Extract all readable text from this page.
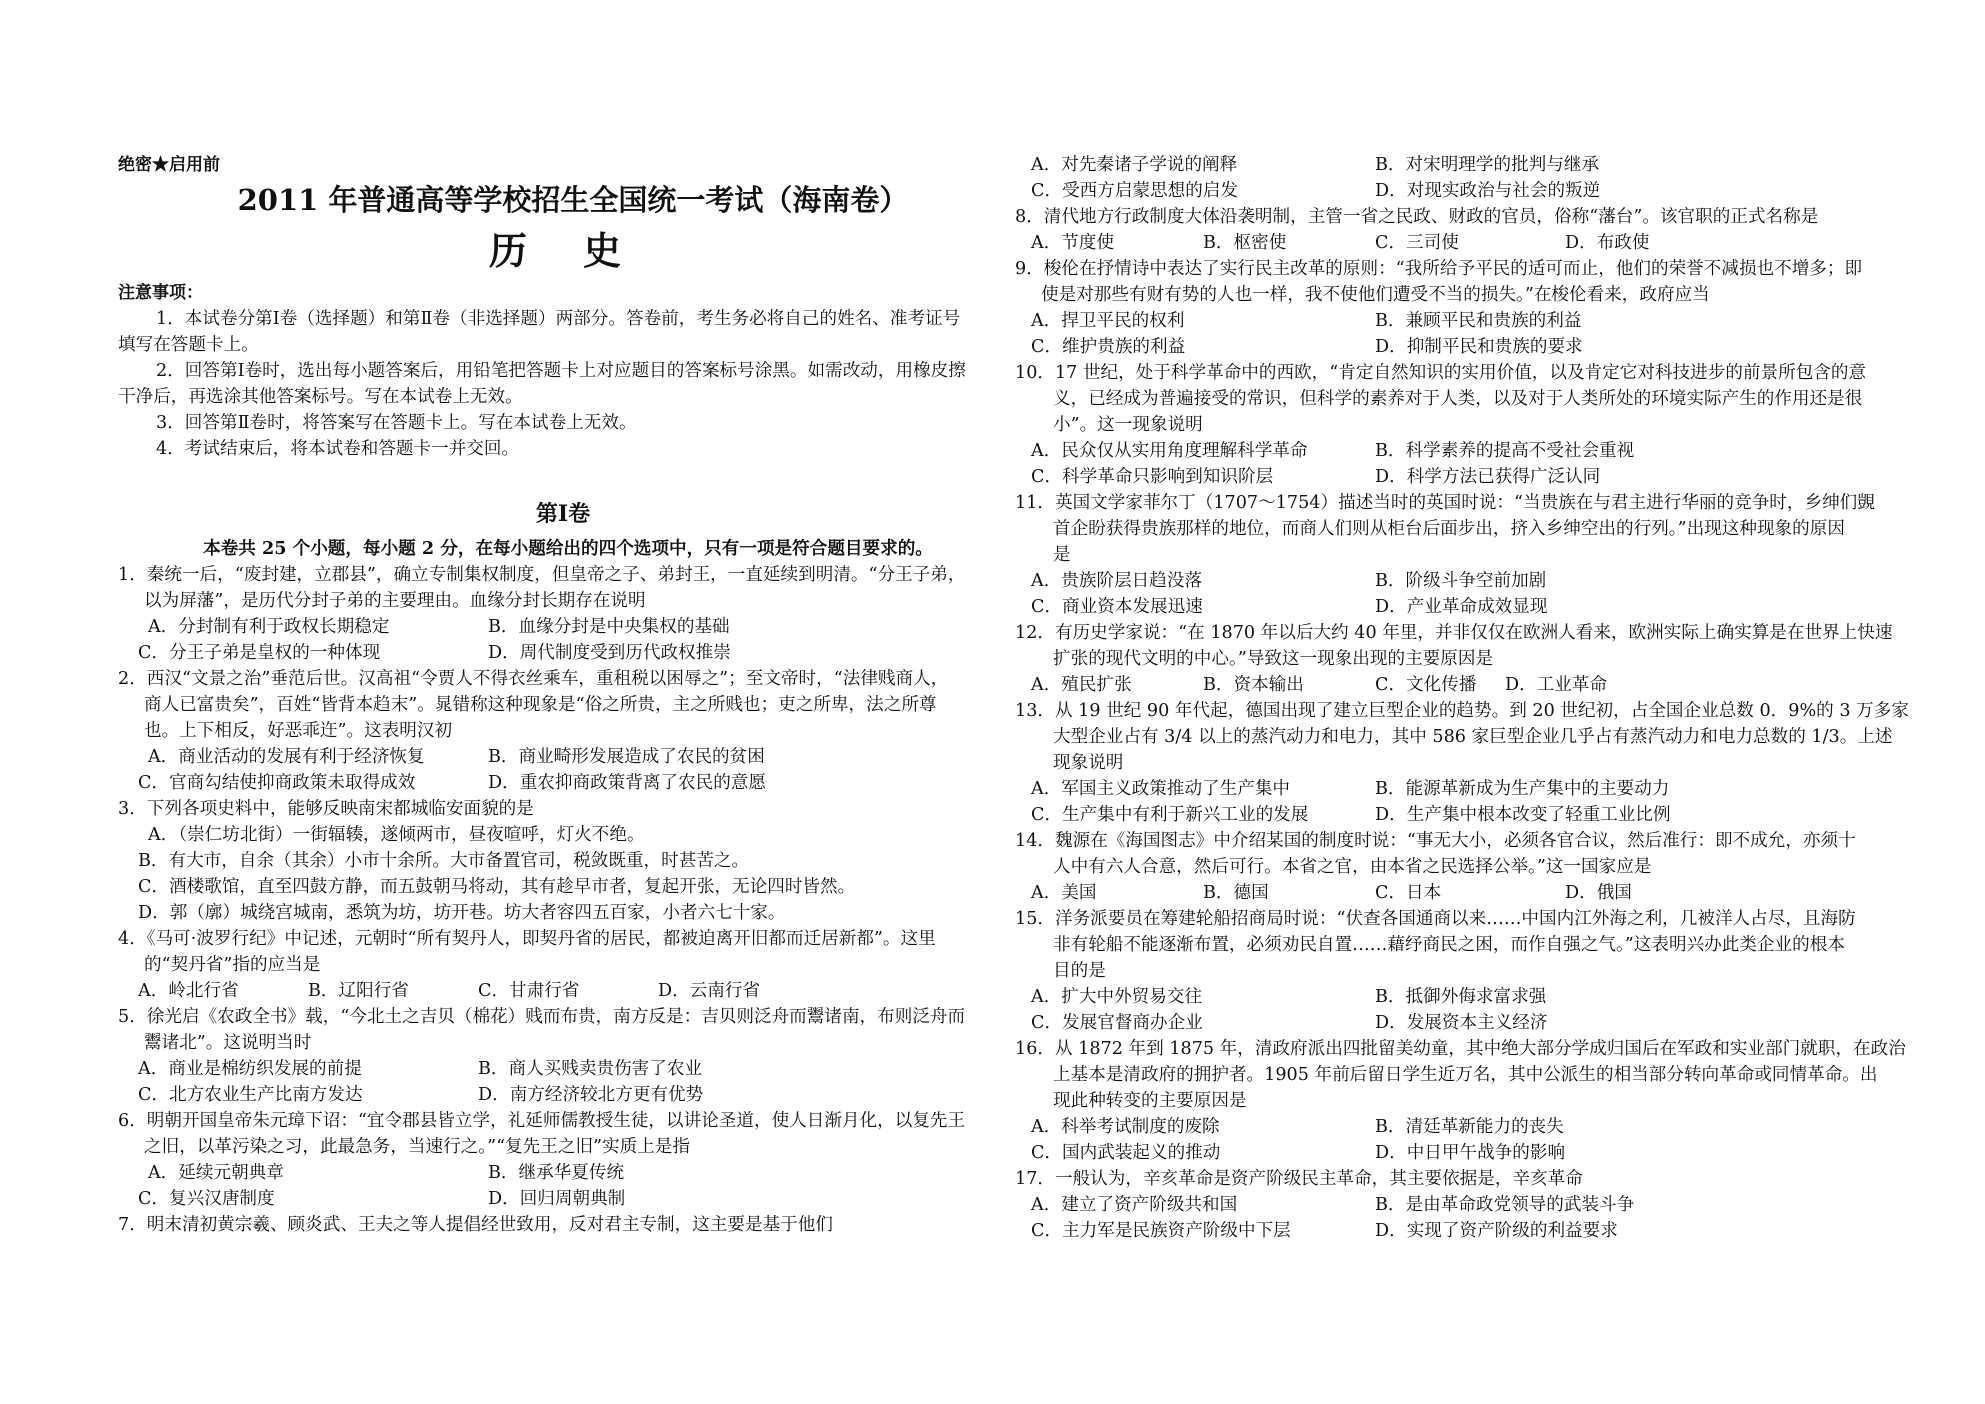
绝密★启用前
2011 年普通高等学校招生全国统一考试（海南卷）
历史
注意事项：
1．本试卷分第Ⅰ卷（选择题）和第Ⅱ卷（非选择题）两部分。答卷前，考生务必将自己的姓名、准考证号
填写在答题卡上。
2．回答第Ⅰ卷时，选出每小题答案后，用铅笔把答题卡上对应题目的答案标号涂黑。如需改动，用橡皮擦
干净后，再选涂其他答案标号。写在本试卷上无效。
3．回答第Ⅱ卷时，将答案写在答题卡上。写在本试卷上无效。
4．考试结束后，将本试卷和答题卡一并交回。
第Ⅰ卷
本卷共 25 个小题，每小题 2 分，在每小题给出的四个选项中，只有一项是符合题目要求的。
1．秦统一后，“废封建，立郡县”，确立专制集权制度，但皇帝之子、弟封王，一直延续到明清。“分王子弟，
以为屏藩”，是历代分封子弟的主要理由。血缘分封长期存在说明
A．分封制有利于政权长期稳定	B．血缘分封是中央集权的基础
C．分王子弟是皇权的一种体现	D．周代制度受到历代政权推崇
2．西汉“文景之治”垂范后世。汉高祖“令贾人不得衣丝乘车，重租税以困辱之”；至文帝时，“法律贱商人，
商人已富贵矣”，百姓“皆背本趋末”。晁错称这种现象是“俗之所贵，主之所贱也；吏之所卑，法之所尊
也。上下相反，好恶乖迕”。这表明汉初
A．商业活动的发展有利于经济恢复	B．商业畸形发展造成了农民的贫困
C．官商勾结使抑商政策未取得成效	D．重农抑商政策背离了农民的意愿
3．下列各项史料中，能够反映南宋都城临安面貌的是
A．（崇仁坊北街）一街辐辏，遂倾两市，昼夜喧呼，灯火不绝。
B．有大市，自余（其余）小市十余所。大市备置官司，税敛既重，时甚苦之。
C．酒楼歌馆，直至四鼓方静，而五鼓朝马将动，其有趁早市者，复起开张，无论四时皆然。
D．郭（廓）城绕宫城南，悉筑为坊，坊开巷。坊大者容四五百家，小者六七十家。
4．《马可·波罗行纪》中记述，元朝时“所有契丹人，即契丹省的居民，都被迫离开旧都而迁居新都”。这里
的“契丹省”指的应当是
A．岭北行省	B．辽阳行省	C．甘肃行省	D．云南行省
5．徐光启《农政全书》载，“今北土之吉贝（棉花）贱而布贵，南方反是：吉贝则泛舟而鬻诸南，布则泛舟而
鬻诸北”。这说明当时
A．商业是棉纺织发展的前提	B．商人买贱卖贵伤害了农业
C．北方农业生产比南方发达	D．南方经济较北方更有优势
6．明朝开国皇帝朱元璋下诏：“宜令郡县皆立学，礼延师儒教授生徒，以讲论圣道，使人日渐月化，以复先王
之旧，以革污染之习，此最急务，当速行之。”“复先王之旧”实质上是指
A．延续元朝典章	B．继承华夏传统
C．复兴汉唐制度	D．回归周朝典制
7．明末清初黄宗羲、顾炎武、王夫之等人提倡经世致用，反对君主专制，这主要是基于他们
A．对先秦诸子学说的阐释	B．对宋明理学的批判与继承
C．受西方启蒙思想的启发	D．对现实政治与社会的叛逆
8．清代地方行政制度大体沿袭明制，主管一省之民政、财政的官员，俗称“藩台”。该官职的正式名称是
A．节度使	B．枢密使	C．三司使	D．布政使
9．梭伦在抒情诗中表达了实行民主改革的原则：“我所给予平民的适可而止，他们的荣誉不减损也不增多；即
使是对那些有财有势的人也一样，我不使他们遭受不当的损失。”在梭伦看来，政府应当
A．捍卫平民的权利	B．兼顾平民和贵族的利益
C．维护贵族的利益	D．抑制平民和贵族的要求
10．17 世纪，处于科学革命中的西欧，“肯定自然知识的实用价值，以及肯定它对科技进步的前景所包含的意
义，已经成为普遍接受的常识，但科学的素养对于人类，以及对于人类所处的环境实际产生的作用还是很
小”。这一现象说明
A．民众仅从实用角度理解科学革命	B．科学素养的提高不受社会重视
C．科学革命只影响到知识阶层	D．科学方法已获得广泛认同
11．英国文学家菲尔丁（1707～1754）描述当时的英国时说：“当贵族在与君主进行华丽的竞争时，乡绅们覬
首企盼获得贵族那样的地位，而商人们则从柜台后面步出，挤入乡绅空出的行列。”出现这种现象的原因
是
A．贵族阶层日趋没落	B．阶级斗争空前加剧
C．商业资本发展迅速	D．产业革命成效显现
12．有历史学家说：“在 1870 年以后大约 40 年里，并非仅仅在欧洲人看来，欧洲实际上确实算是在世界上快速
扩张的现代文明的中心。”导致这一现象出现的主要原因是
A．殖民扩张	B．资本输出	C．文化传播	D．工业革命
13．从 19 世纪 90 年代起，德国出现了建立巨型企业的趋势。到 20 世纪初，占全国企业总数 0．9%的 3 万多家
大型企业占有 3/4 以上的蒸汽动力和电力，其中 586 家巨型企业几乎占有蒸汽动力和电力总数的 1/3。上述
现象说明
A．军国主义政策推动了生产集中	B．能源革新成为生产集中的主要动力
C．生产集中有利于新兴工业的发展	D．生产集中根本改变了轻重工业比例
14．魏源在《海国图志》中介绍某国的制度时说：“事无大小，必须各官合议，然后准行：即不成允，亦须十
人中有六人合意，然后可行。本省之官，由本省之民选择公举。”这一国家应是
A．美国	B．德国	C．日本	D．俄国
15．洋务派要员在筹建轮船招商局时说：“伏查各国通商以来……中国内江外海之利，几被洋人占尽，且海防
非有轮船不能逐渐布置，必须劝民自置……藉纾商民之困，而作自强之气。”这表明兴办此类企业的根本
目的是
A．扩大中外贸易交往	B．抵御外侮求富求强
C．发展官督商办企业	D．发展资本主义经济
16．从 1872 年到 1875 年，清政府派出四批留美幼童，其中绝大部分学成归国后在军政和实业部门就职，在政治
上基本是清政府的拥护者。1905 年前后留日学生近万名，其中公派生的相当部分转向革命或同情革命。出
现此种转变的主要原因是
A．科举考试制度的废除	B．清廷革新能力的丧失
C．国内武装起义的推动	D．中日甲午战争的影响
17．一般认为，辛亥革命是资产阶级民主革命，其主要依据是，辛亥革命
A．建立了资产阶级共和国	B．是由革命政党领导的武装斗争
C．主力军是民族资产阶级中下层	D．实现了资产阶级的利益要求
